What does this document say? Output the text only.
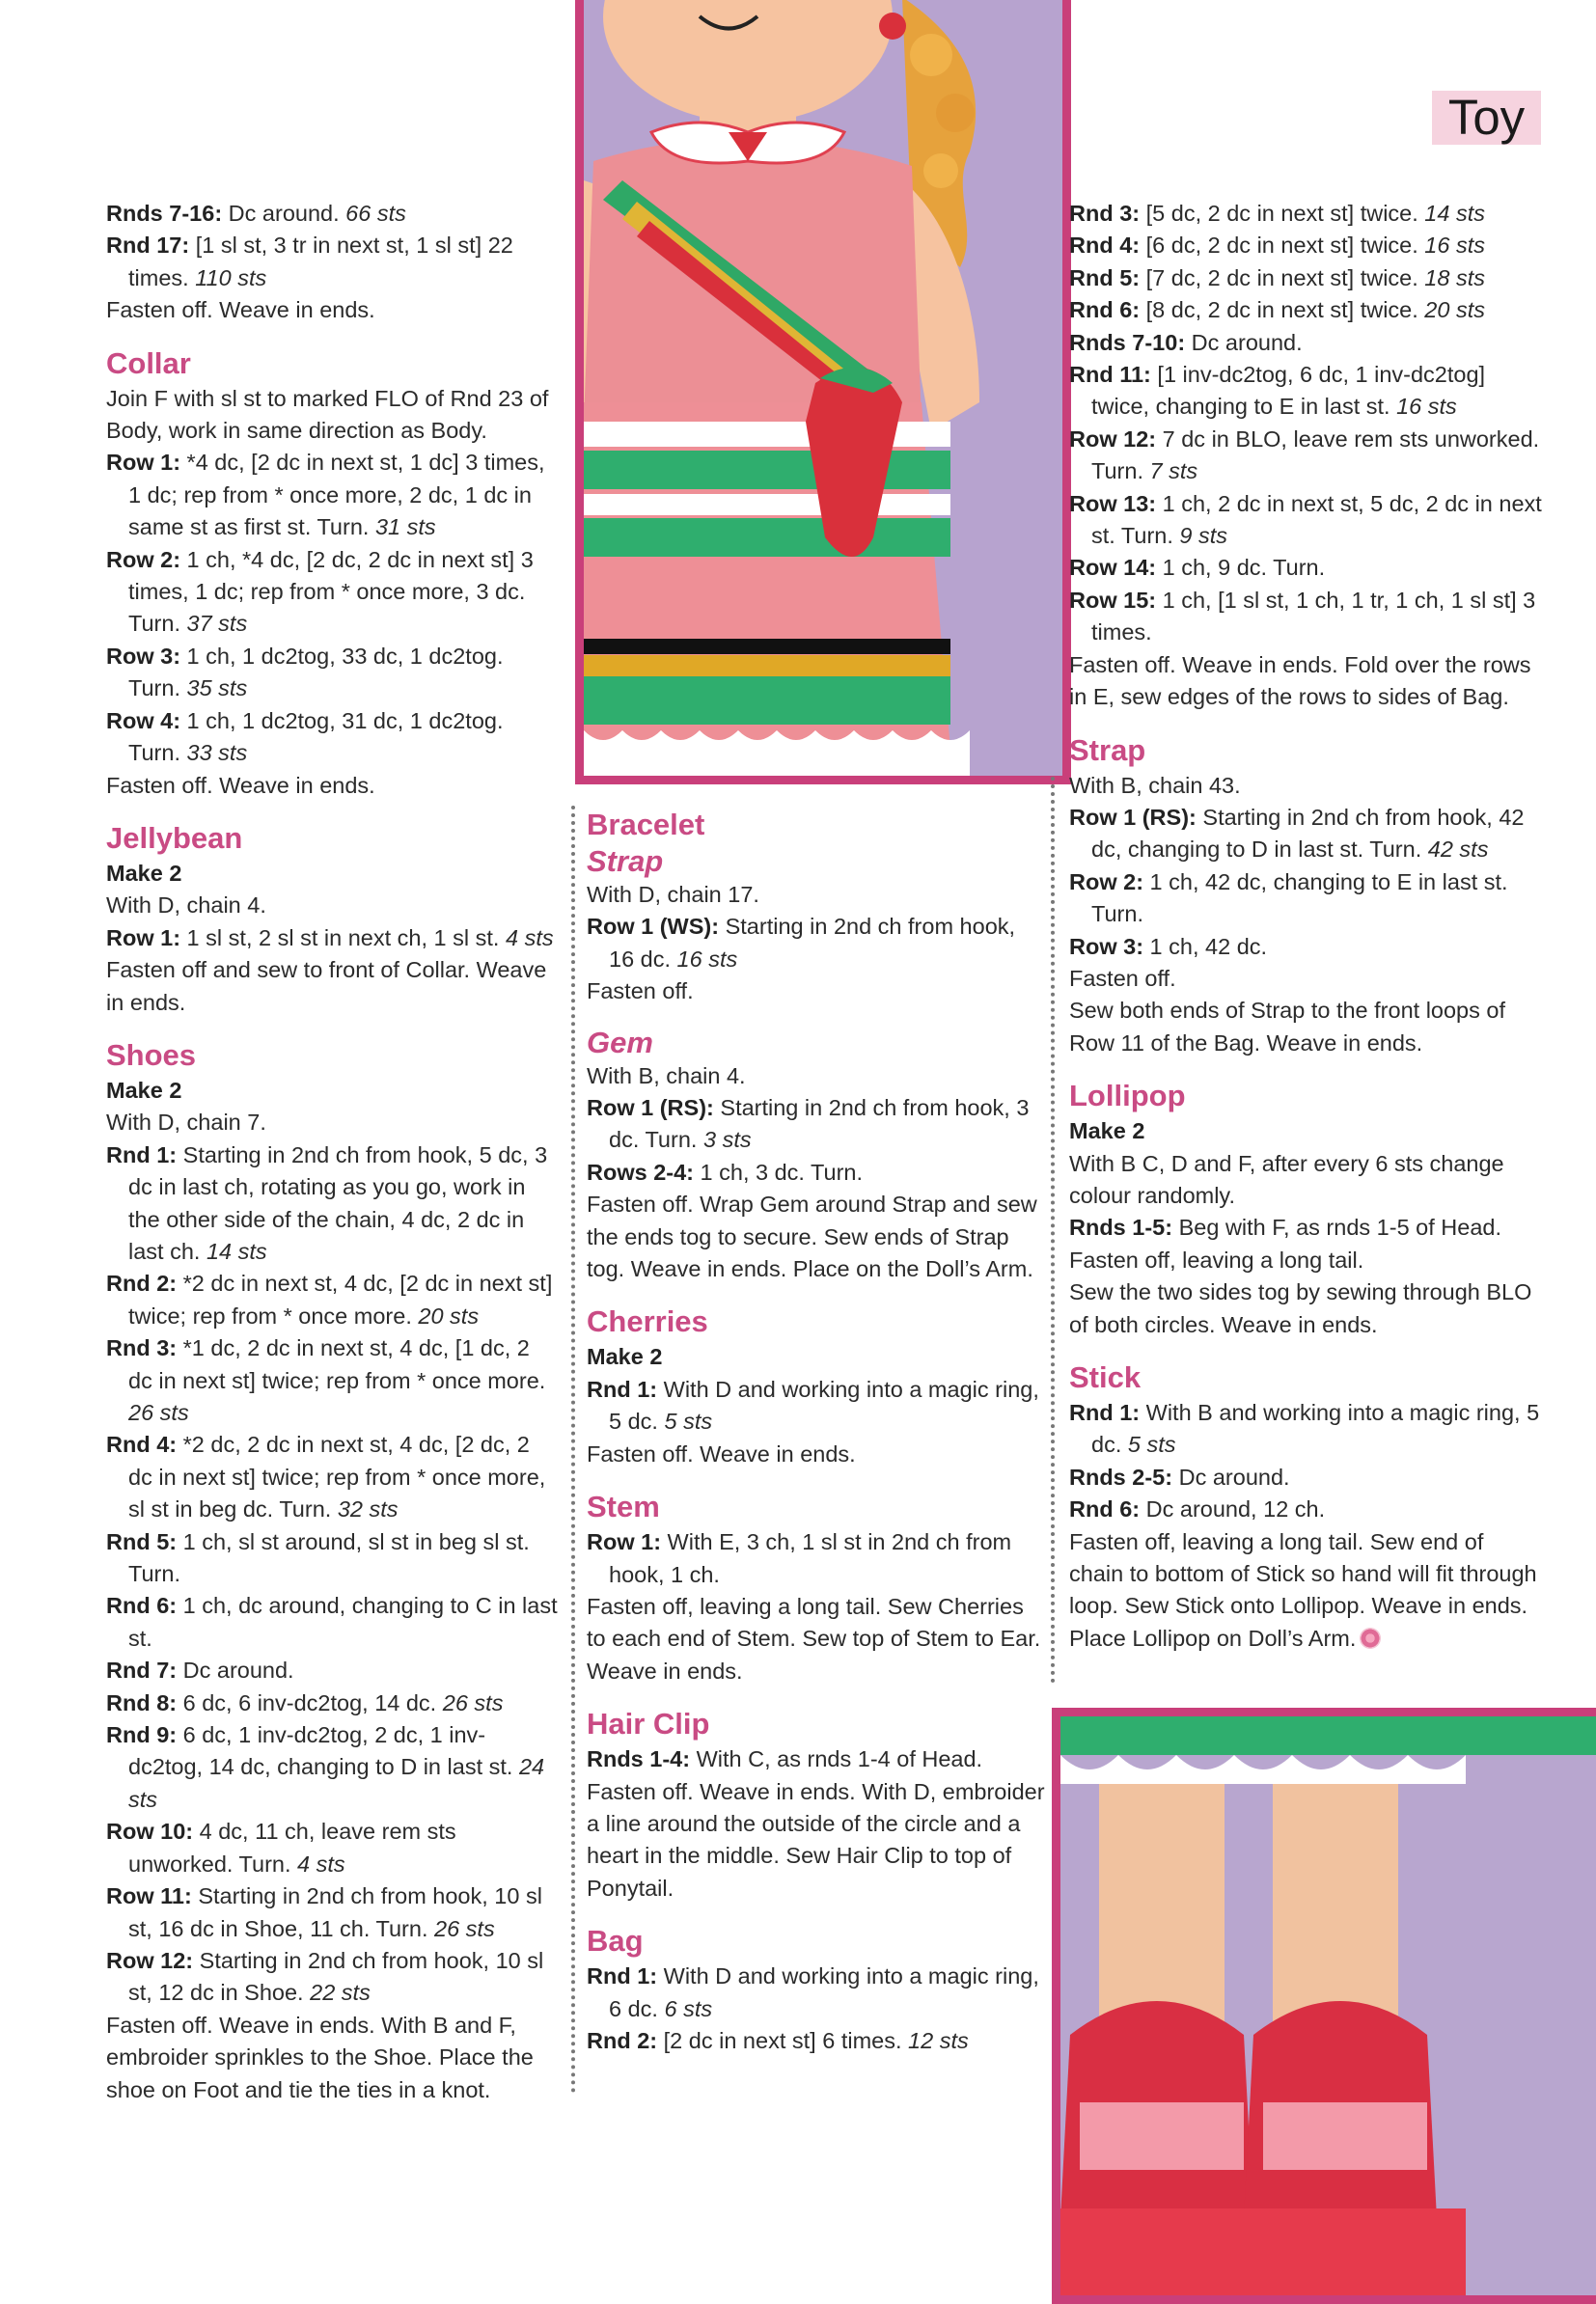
Toy

Rnds 7-16: Dc around. 66 sts

Rnd 17: [1 sl st, 3 tr in next st, 1 sl st] 22 times. 110 sts

Fasten off. Weave in ends.

Collar

Join F with sl st to marked FLO of Rnd 23 of Body, work in same direction as Body.

Row 1: *4 dc, [2 dc in next st, 1 dc] 3 times, 1 dc; rep from * once more, 2 dc, 1 dc in same st as first st. Turn. 31 sts

Row 2: 1 ch, *4 dc, [2 dc, 2 dc in next st] 3 times, 1 dc; rep from * once more, 3 dc. Turn. 37 sts

Row 3: 1 ch, 1 dc2tog, 33 dc, 1 dc2tog. Turn. 35 sts

Row 4: 1 ch, 1 dc2tog, 31 dc, 1 dc2tog. Turn. 33 sts

Fasten off. Weave in ends.

Jellybean

Make 2

With D, chain 4.

Row 1: 1 sl st, 2 sl st in next ch, 1 sl st. 4 sts

Fasten off and sew to front of Collar. Weave in ends.

Shoes

Make 2

With D, chain 7.

Rnd 1: Starting in 2nd ch from hook, 5 dc, 3 dc in last ch, rotating as you go, work in the other side of the chain, 4 dc, 2 dc in last ch. 14 sts

Rnd 2: *2 dc in next st, 4 dc, [2 dc in next st] twice; rep from * once more. 20 sts

Rnd 3: *1 dc, 2 dc in next st, 4 dc, [1 dc, 2 dc in next st] twice; rep from * once more. 26 sts

Rnd 4: *2 dc, 2 dc in next st, 4 dc, [2 dc, 2 dc in next st] twice; rep from * once more, sl st in beg dc. Turn. 32 sts

Rnd 5: 1 ch, sl st around, sl st in beg sl st. Turn.

Rnd 6: 1 ch, dc around, changing to C in last st.

Rnd 7: Dc around.

Rnd 8: 6 dc, 6 inv-dc2tog, 14 dc. 26 sts

Rnd 9: 6 dc, 1 inv-dc2tog, 2 dc, 1 inv-dc2tog, 14 dc, changing to D in last st. 24 sts

Row 10: 4 dc, 11 ch, leave rem sts unworked. Turn. 4 sts

Row 11: Starting in 2nd ch from hook, 10 sl st, 16 dc in Shoe, 11 ch. Turn. 26 sts

Row 12: Starting in 2nd ch from hook, 10 sl st, 12 dc in Shoe. 22 sts

Fasten off. Weave in ends. With B and F, embroider sprinkles to the Shoe. Place the shoe on Foot and tie the ties in a knot.

Bracelet
Strap

With D, chain 17.

Row 1 (WS): Starting in 2nd ch from hook, 16 dc. 16 sts

Fasten off.

Gem

With B, chain 4.

Row 1 (RS): Starting in 2nd ch from hook, 3 dc. Turn. 3 sts

Rows 2-4: 1 ch, 3 dc. Turn.

Fasten off. Wrap Gem around Strap and sew the ends tog to secure. Sew ends of Strap tog. Weave in ends. Place on the Doll’s Arm.

Cherries

Make 2

Rnd 1: With D and working into a magic ring, 5 dc. 5 sts

Fasten off. Weave in ends.

Stem

Row 1: With E, 3 ch, 1 sl st in 2nd ch from hook, 1 ch.

Fasten off, leaving a long tail. Sew Cherries to each end of Stem. Sew top of Stem to Ear. Weave in ends.

Hair Clip

Rnds 1-4: With C, as rnds 1-4 of Head.

Fasten off. Weave in ends. With D, embroider a line around the outside of the circle and a heart in the middle. Sew Hair Clip to top of Ponytail.

Bag

Rnd 1: With D and working into a magic ring, 6 dc. 6 sts

Rnd 2: [2 dc in next st] 6 times. 12 sts

Rnd 3: [5 dc, 2 dc in next st] twice. 14 sts

Rnd 4: [6 dc, 2 dc in next st] twice. 16 sts

Rnd 5: [7 dc, 2 dc in next st] twice. 18 sts

Rnd 6: [8 dc, 2 dc in next st] twice. 20 sts

Rnds 7-10: Dc around.

Rnd 11: [1 inv-dc2tog, 6 dc, 1 inv-dc2tog] twice, changing to E in last st. 16 sts

Row 12: 7 dc in BLO, leave rem sts unworked. Turn. 7 sts

Row 13: 1 ch, 2 dc in next st, 5 dc, 2 dc in next st. Turn. 9 sts

Row 14: 1 ch, 9 dc. Turn.

Row 15: 1 ch, [1 sl st, 1 ch, 1 tr, 1 ch, 1 sl st] 3 times.

Fasten off. Weave in ends. Fold over the rows in E, sew edges of the rows to sides of Bag.

Strap

With B, chain 43.

Row 1 (RS): Starting in 2nd ch from hook, 42 dc, changing to D in last st. Turn. 42 sts

Row 2: 1 ch, 42 dc, changing to E in last st. Turn.

Row 3: 1 ch, 42 dc.

Fasten off.

Sew both ends of Strap to the front loops of Row 11 of the Bag. Weave in ends.

Lollipop

Make 2

With B C, D and F, after every 6 sts change colour randomly.

Rnds 1-5: Beg with F, as rnds 1-5 of Head.

Fasten off, leaving a long tail.

Sew the two sides tog by sewing through BLO of both circles. Weave in ends.

Stick

Rnd 1: With B and working into a magic ring, 5 dc. 5 sts

Rnds 2-5: Dc around.

Rnd 6: Dc around, 12 ch.

Fasten off, leaving a long tail. Sew end of chain to bottom of Stick so hand will fit through loop. Sew Stick onto Lollipop. Weave in ends. Place Lollipop on Doll’s Arm.
